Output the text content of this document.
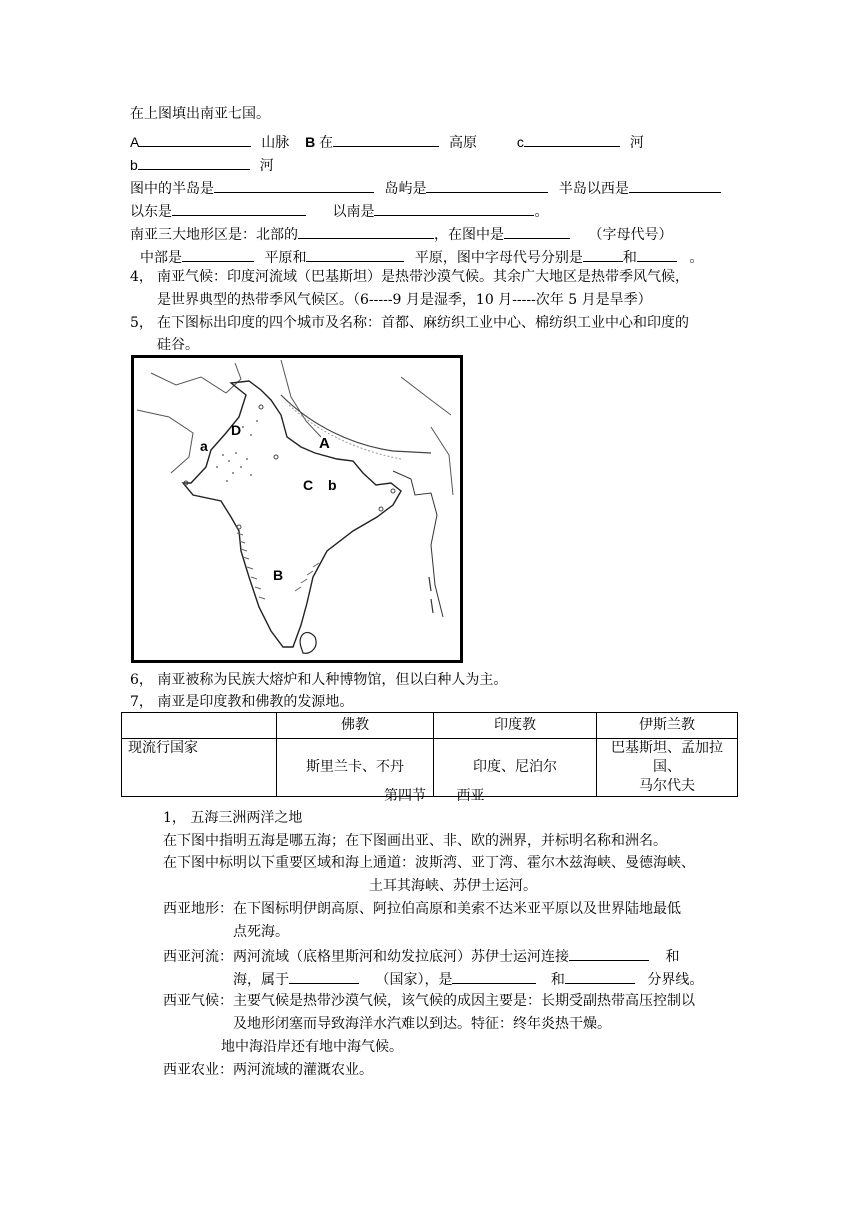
在上图填出南亚七国。
A	山脉 B 在	高原	c	河
b	河
图中的半岛是	岛屿是	半岛以西是
以东是	以南是	。
南亚三大地形区是：北部的	，在图中是	（字母代号）
中部是	平原和	平原，图中字母代号分别是	和	。
4， 南亚气候：印度河流域（巴基斯坦）是热带沙漠气候。其余广大地区是热带季风气候，
是世界典型的热带季风气候区。（6-----9 月是湿季，10 月-----次年 5 月是旱季）
5， 在下图标出印度的四个城市及名称：首都、麻纺织工业中心、棉纺织工业中心和印度的
硅谷。
D
a	A
C b
B
6， 南亚被称为民族大熔炉和人种博物馆，但以白种人为主。
7， 南亚是印度教和佛教的发源地。
	佛教	印度教	伊斯兰教
现流行国家	斯里兰卡、不丹	印度、尼泊尔	巴基斯坦、孟加拉国、
马尔代夫
第四节 西亚
1， 五海三洲两洋之地
在下图中指明五海是哪五海；在下图画出亚、非、欧的洲界，并标明名称和洲名。
在下图中标明以下重要区域和海上通道：波斯湾、亚丁湾、霍尔木兹海峡、曼德海峡、
土耳其海峡、苏伊士运河。
西亚地形：在下图标明伊朗高原、阿拉伯高原和美索不达米亚平原以及世界陆地最低
点死海。
西亚河流：两河流域（底格里斯河和幼发拉底河）苏伊士运河连接	和
海，属于	（国家），是	和	分界线。
西亚气候：主要气候是热带沙漠气候，该气候的成因主要是：长期受副热带高压控制以
及地形闭塞而导致海洋水汽难以到达。特征：终年炎热干燥。
地中海沿岸还有地中海气候。
西亚农业：两河流域的灌溉农业。
